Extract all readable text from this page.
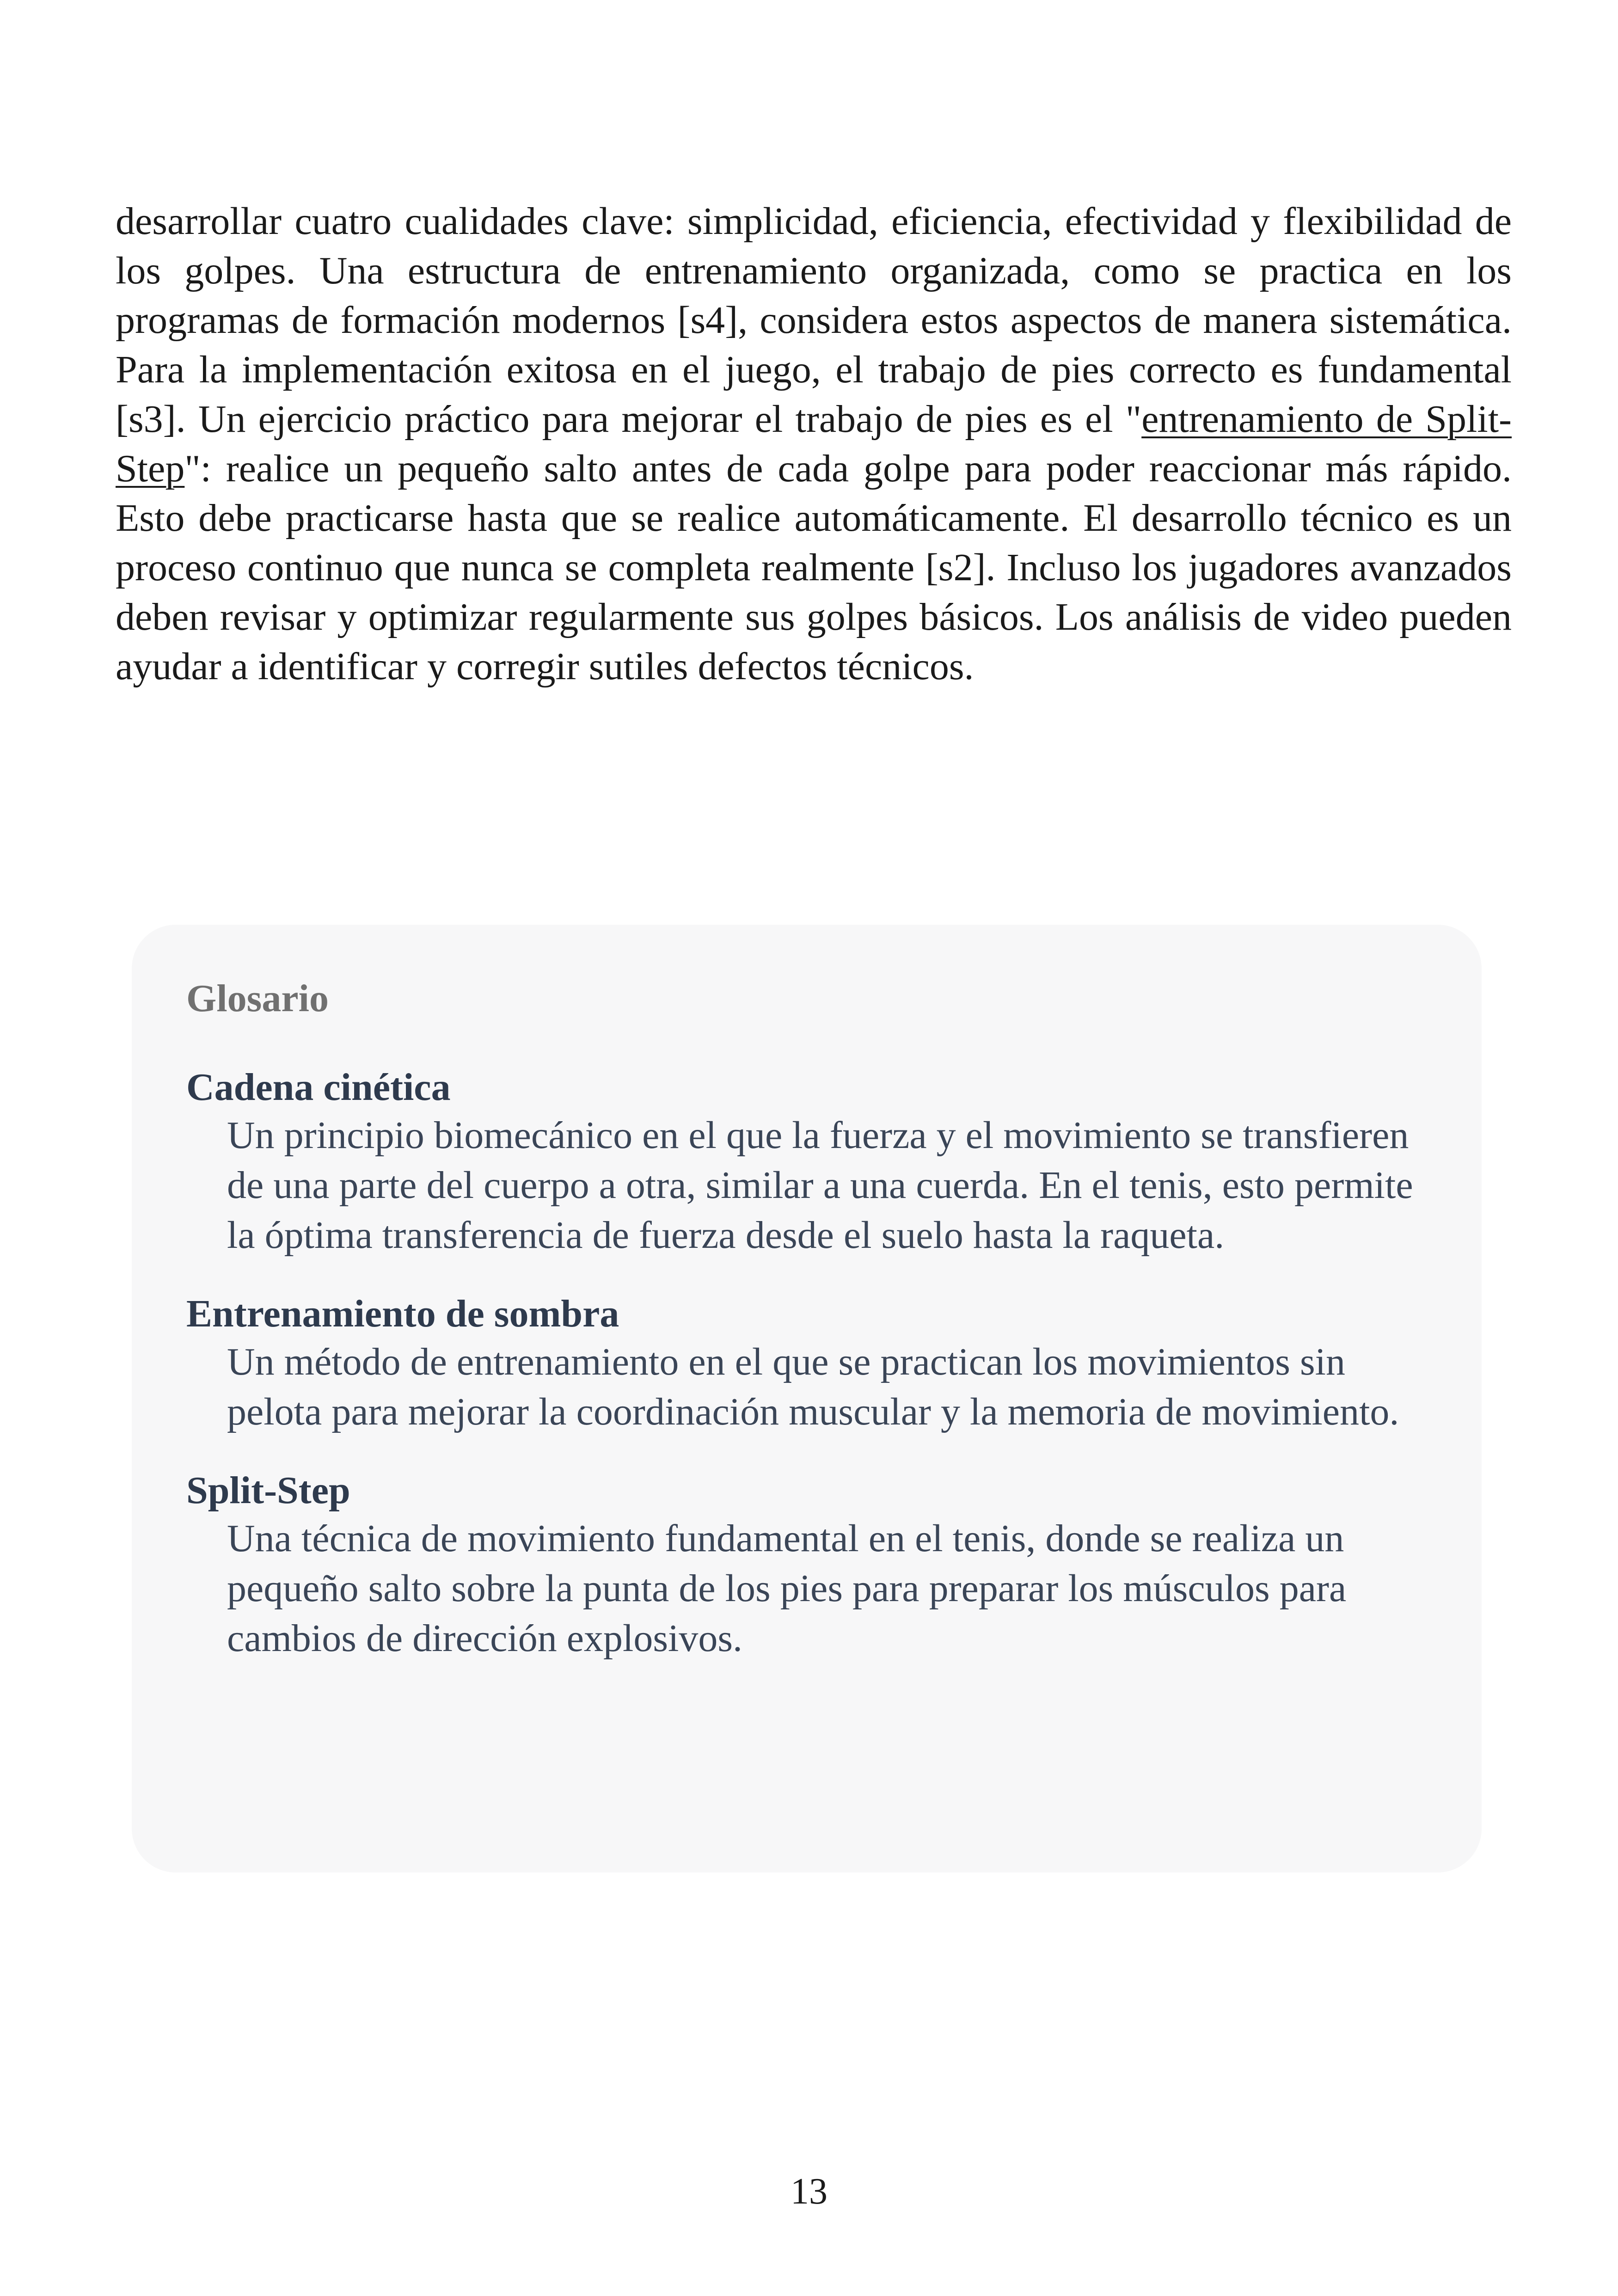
desarrollar cuatro cualidades clave: simplicidad, eficiencia, efectividad y flexibilidad de los golpes. Una estructura de entrenamiento organizada, como se practica en los programas de formación modernos [s4], considera estos aspectos de manera sistemática. Para la implementación exitosa en el juego, el trabajo de pies correcto es fundamental [s3]. Un ejercicio práctico para mejorar el trabajo de pies es el "entrenamiento de Split-Step": realice un pequeño salto antes de cada golpe para poder reaccionar más rápido. Esto debe practicarse hasta que se realice automáticamente. El desarrollo técnico es un proceso continuo que nunca se completa realmente [s2]. Incluso los jugadores avanzados deben revisar y optimizar regularmente sus golpes básicos. Los análisis de video pueden ayudar a identificar y corregir sutiles defectos técnicos.

Glosario

Cadena cinética

Un principio biomecánico en el que la fuerza y el movimiento se transfieren de una parte del cuerpo a otra, similar a una cuerda. En el tenis, esto permite la óptima transferencia de fuerza desde el suelo hasta la raqueta.

Entrenamiento de sombra

Un método de entrenamiento en el que se practican los movimientos sin pelota para mejorar la coordinación muscular y la memoria de movimiento.

Split-Step

Una técnica de movimiento fundamental en el tenis, donde se realiza un pequeño salto sobre la punta de los pies para preparar los músculos para cambios de dirección explosivos.

13
